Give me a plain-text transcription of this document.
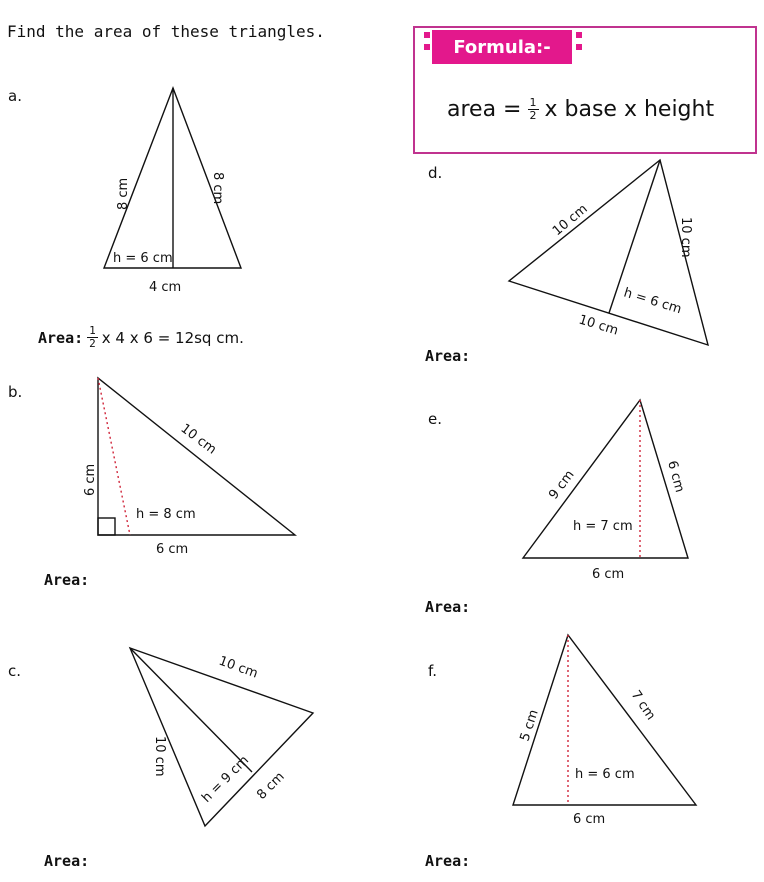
Find the area of these triangles.
Formula:-
area = $\frac{1}{2}$ x base x height
a.
b.
c.
d.
e.
f.
Area: $\frac{1}{2}$ x 4 x 6 = 12sq cm.
Area:
Area:
Area:
Area:	Area:
8 cm	8 cm
h = 6 cm
4 cm
10 cm
6 cm
h = 8 cm
6 cm
10 cm
10 cm h = 9 cm 8 cm
10 cm	10 cm
h = 6 cm
10 cm
9 cm	6 cm
h = 7 cm
6 cm
5 cm
7 cm
h = 6 cm
6 cm
